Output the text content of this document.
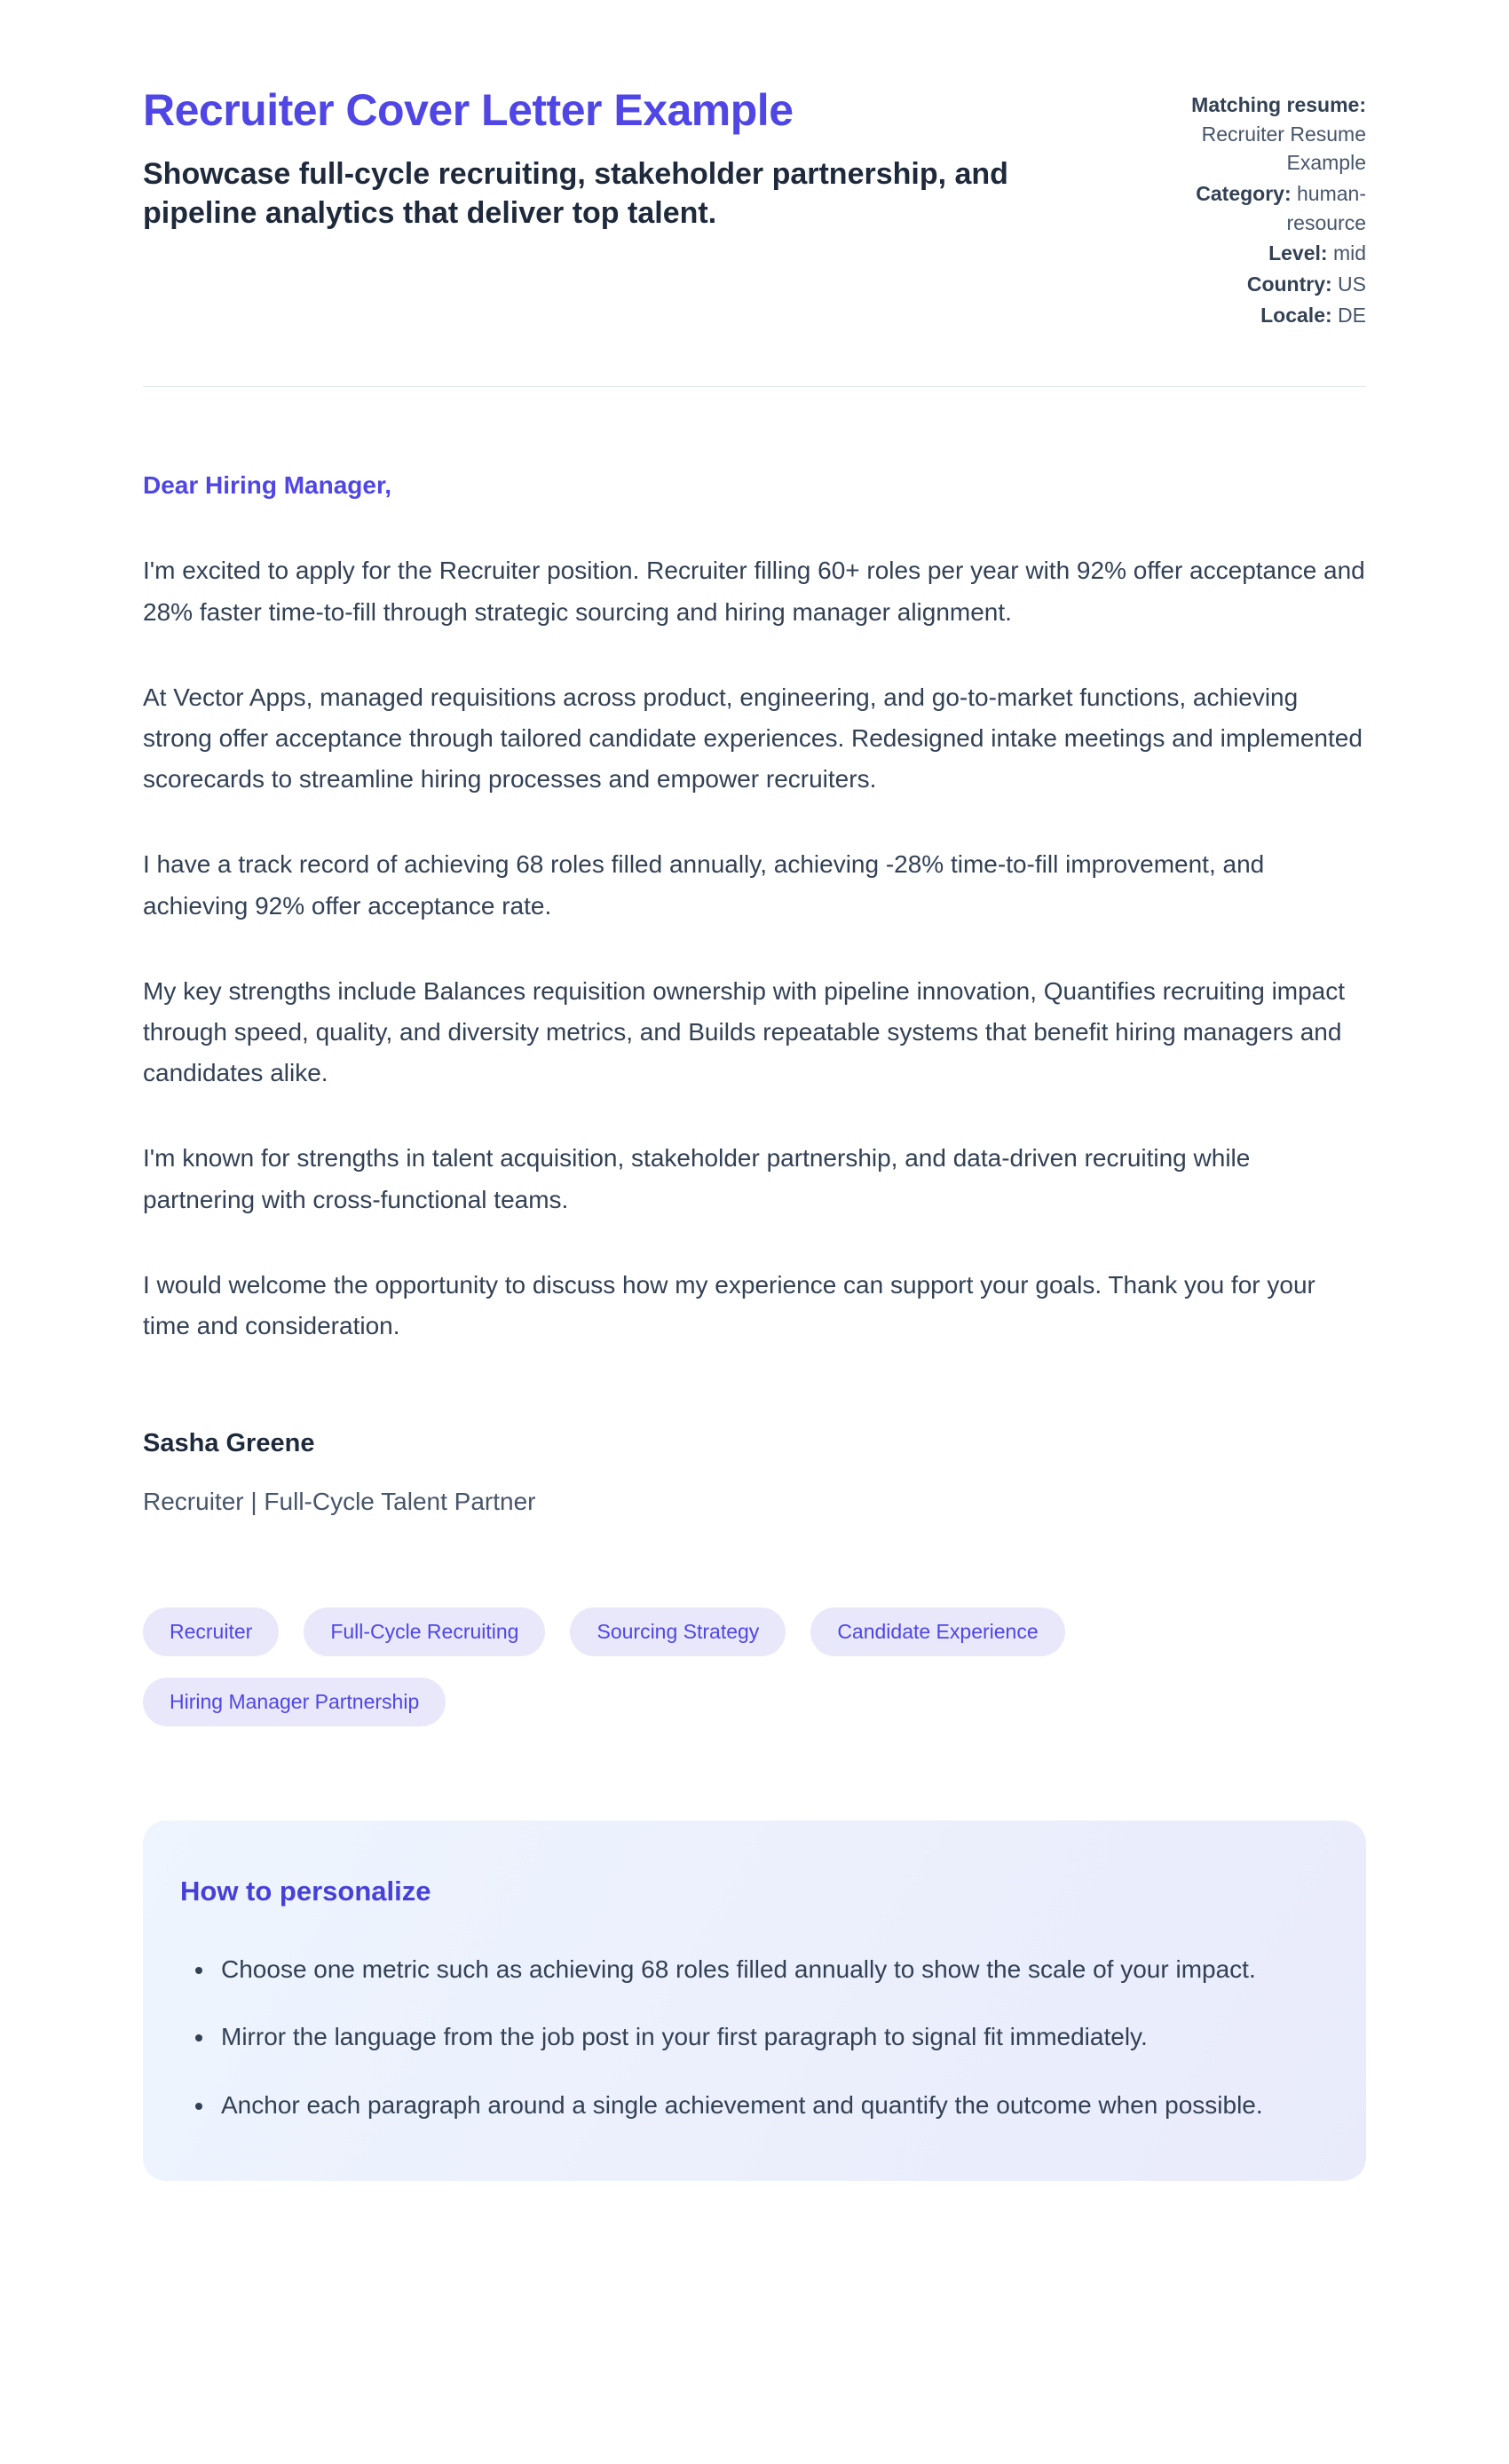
Recruiter Cover Letter Example

Showcase full-cycle recruiting, stakeholder partnership, and pipeline analytics that deliver top talent.

Matching resume: Recruiter Resume Example
Category: human-resource
Level: mid
Country: US
Locale: DE

Dear Hiring Manager,

I'm excited to apply for the Recruiter position. Recruiter filling 60+ roles per year with 92% offer acceptance and 28% faster time-to-fill through strategic sourcing and hiring manager alignment.

At Vector Apps, managed requisitions across product, engineering, and go-to-market functions, achieving strong offer acceptance through tailored candidate experiences. Redesigned intake meetings and implemented scorecards to streamline hiring processes and empower recruiters.

I have a track record of achieving 68 roles filled annually, achieving -28% time-to-fill improvement, and achieving 92% offer acceptance rate.

My key strengths include Balances requisition ownership with pipeline innovation, Quantifies recruiting impact through speed, quality, and diversity metrics, and Builds repeatable systems that benefit hiring managers and candidates alike.

I'm known for strengths in talent acquisition, stakeholder partnership, and data-driven recruiting while partnering with cross-functional teams.

I would welcome the opportunity to discuss how my experience can support your goals. Thank you for your time and consideration.

Sasha Greene

Recruiter | Full-Cycle Talent Partner

Recruiter	Full-Cycle Recruiting	Sourcing Strategy	Candidate Experience
Hiring Manager Partnership
How to personalize
• Choose one metric such as achieving 68 roles filled annually to show the scale of your impact.
• Mirror the language from the job post in your first paragraph to signal fit immediately.
• Anchor each paragraph around a single achievement and quantify the outcome when possible.
